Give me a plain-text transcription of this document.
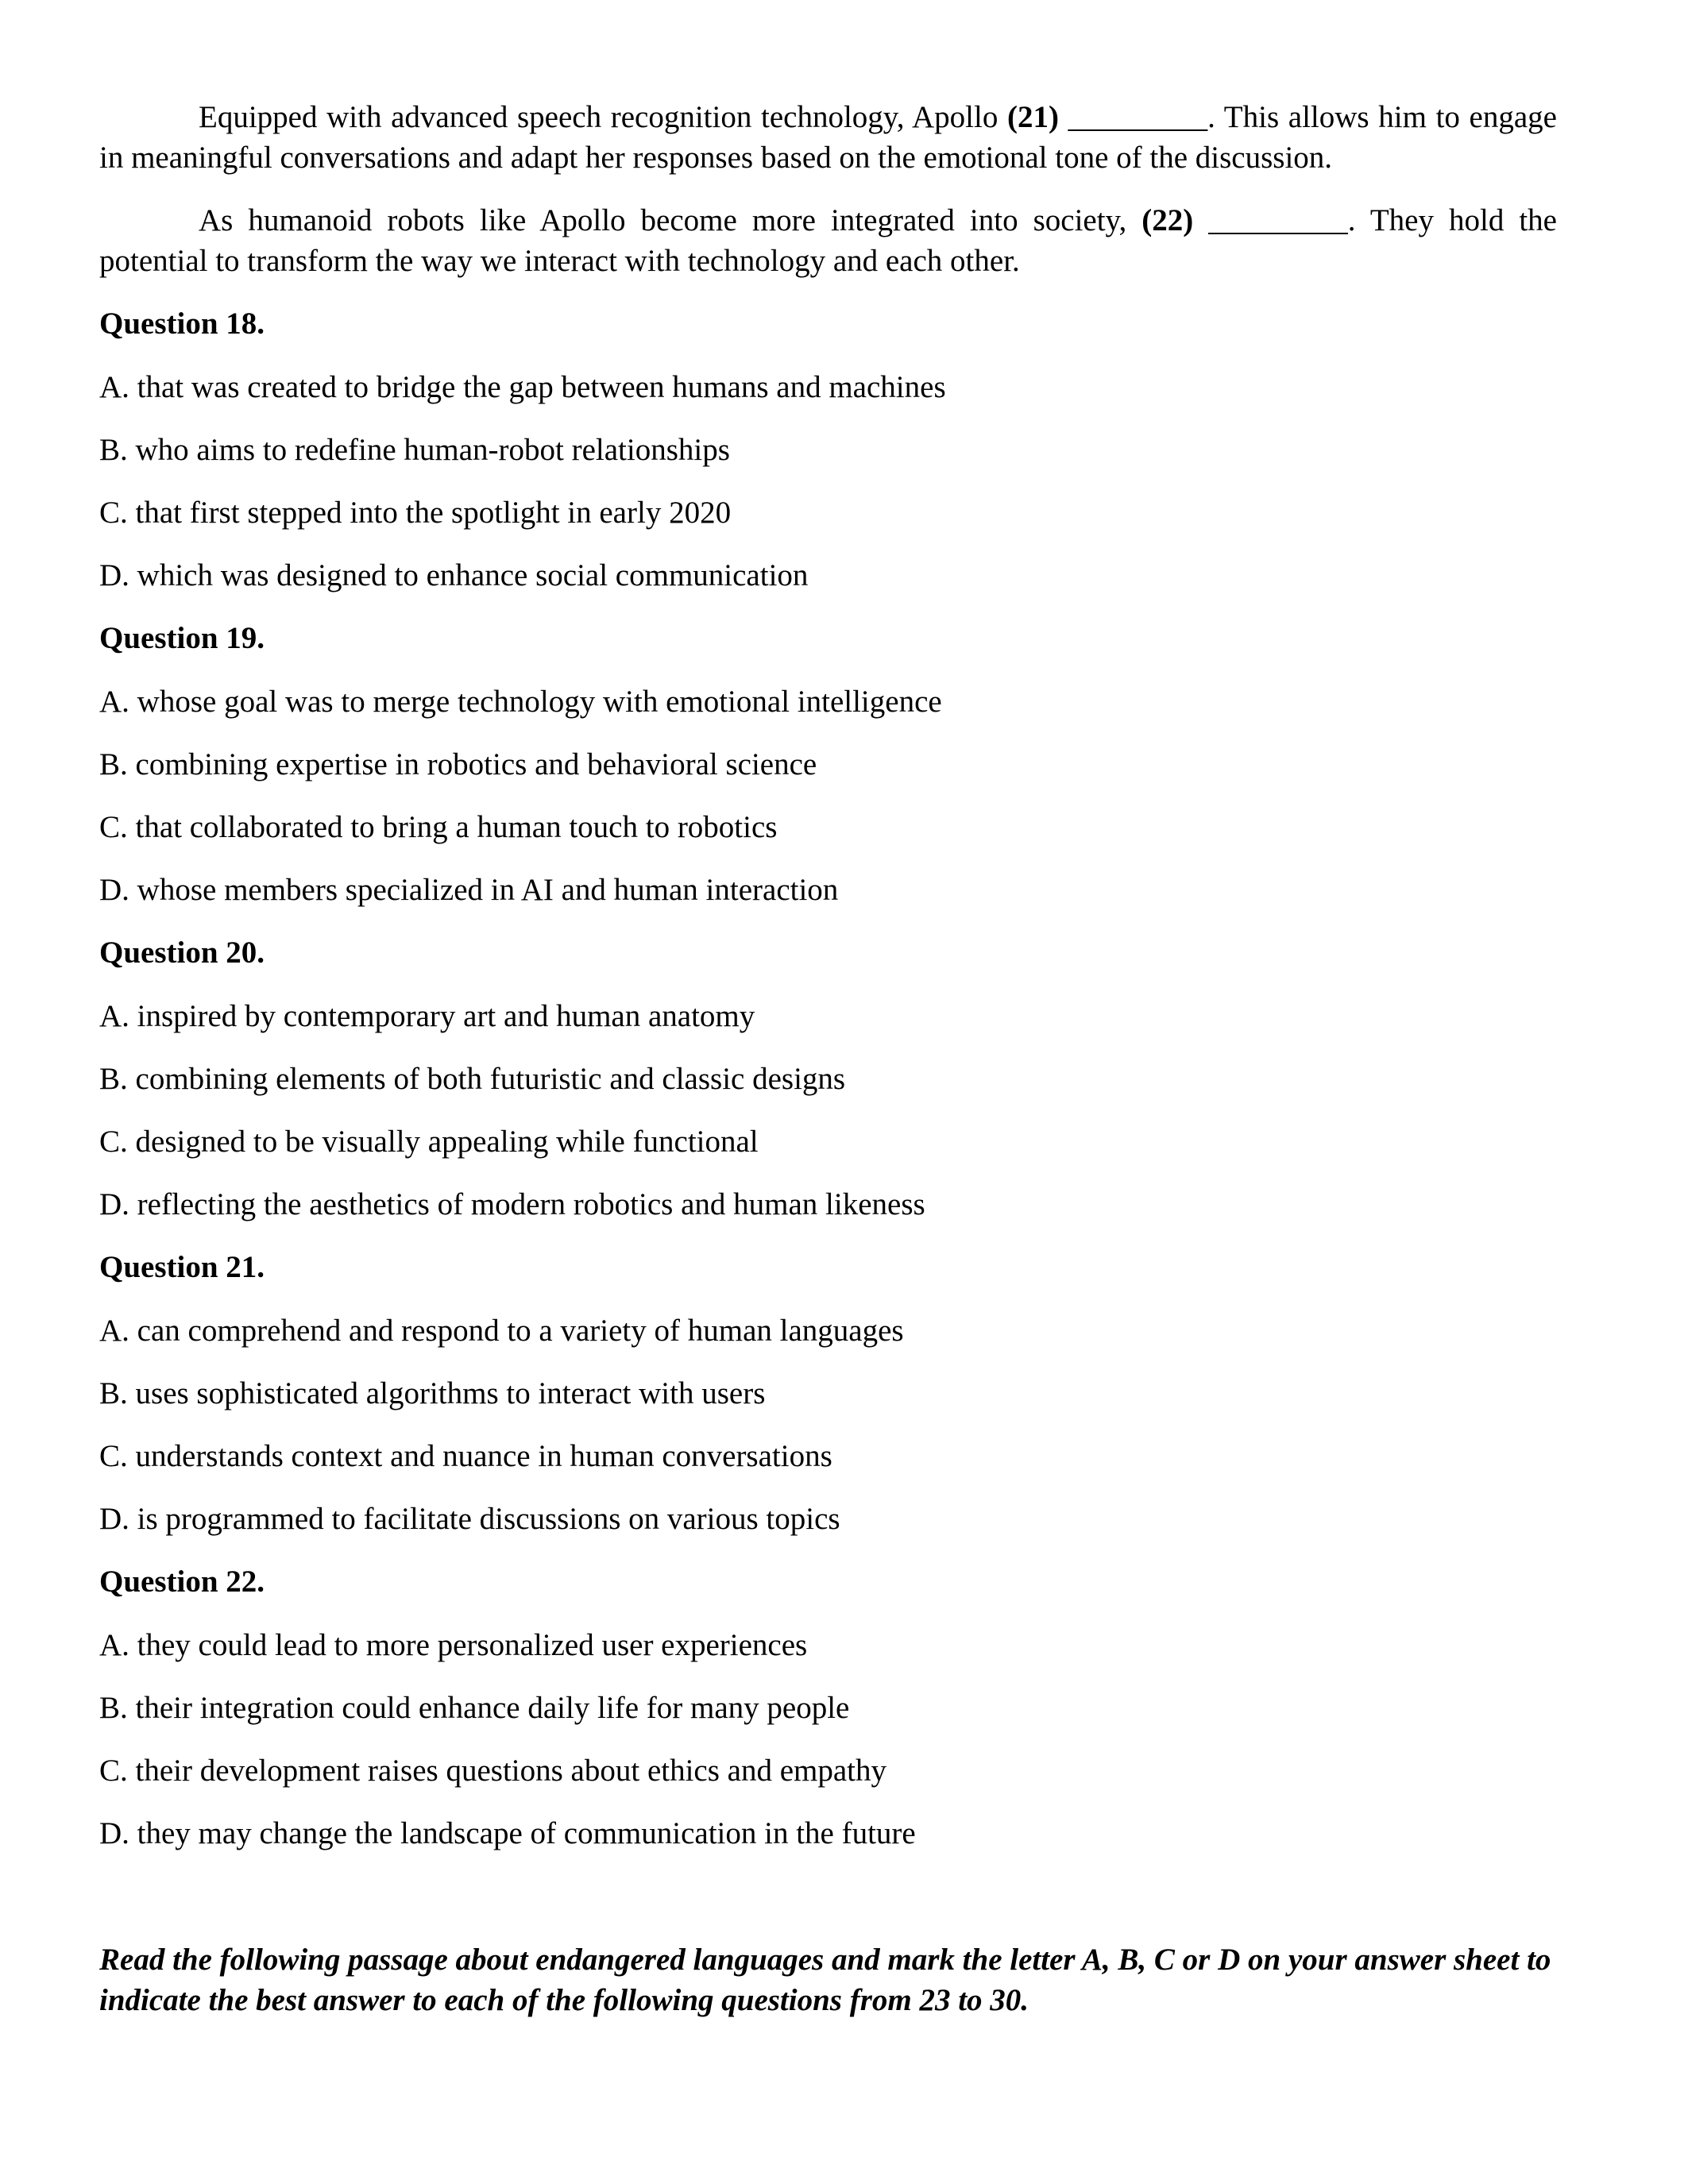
Equipped with advanced speech recognition technology, Apollo (21) _________. This allows him to engage in meaningful conversations and adapt her responses based on the emotional tone of the discussion.

As humanoid robots like Apollo become more integrated into society, (22) _________. They hold the potential to transform the way we interact with technology and each other.

Question 18.
A. that was created to bridge the gap between humans and machines
B. who aims to redefine human-robot relationships
C. that first stepped into the spotlight in early 2020
D. which was designed to enhance social communication
Question 19.
A. whose goal was to merge technology with emotional intelligence
B. combining expertise in robotics and behavioral science
C. that collaborated to bring a human touch to robotics
D. whose members specialized in AI and human interaction
Question 20.
A. inspired by contemporary art and human anatomy
B. combining elements of both futuristic and classic designs
C. designed to be visually appealing while functional
D. reflecting the aesthetics of modern robotics and human likeness
Question 21.
A. can comprehend and respond to a variety of human languages
B. uses sophisticated algorithms to interact with users
C. understands context and nuance in human conversations
D. is programmed to facilitate discussions on various topics
Question 22.
A. they could lead to more personalized user experiences
B. their integration could enhance daily life for many people
C. their development raises questions about ethics and empathy
D. they may change the landscape of communication in the future
Read the following passage about endangered languages and mark the letter A, B, C or D on your answer sheet to indicate the best answer to each of the following questions from 23 to 30.
